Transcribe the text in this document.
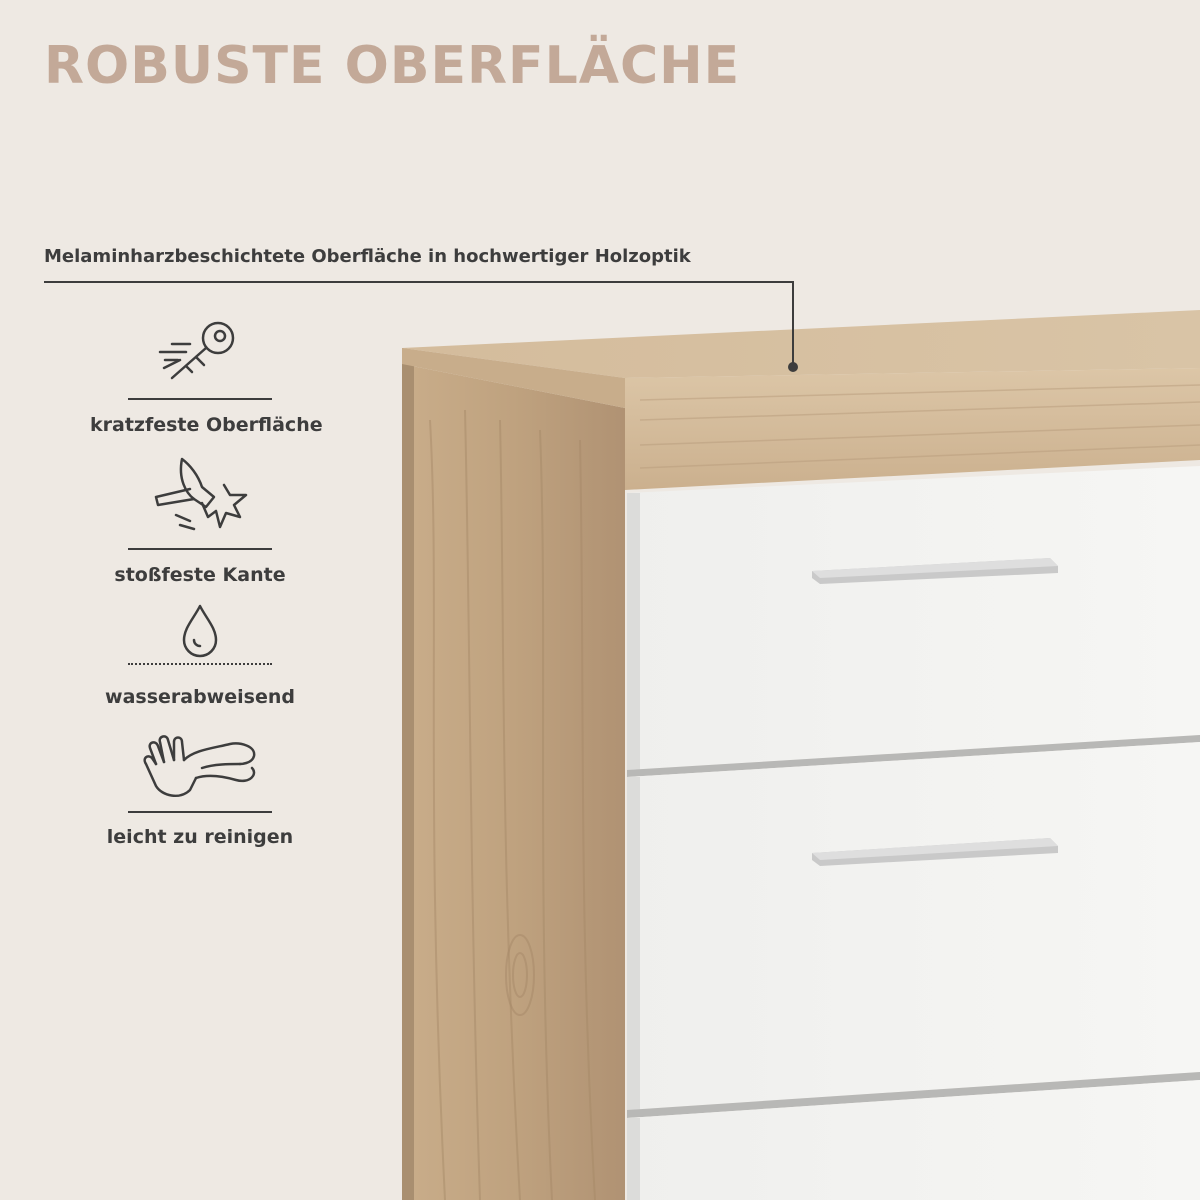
ROBUSTE OBERFLÄCHE
Melaminharzbeschichtete Oberfläche in hochwertiger Holzoptik
kratzfeste Oberfläche
stoßfeste Kante
wasserabweisend
leicht zu reinigen
